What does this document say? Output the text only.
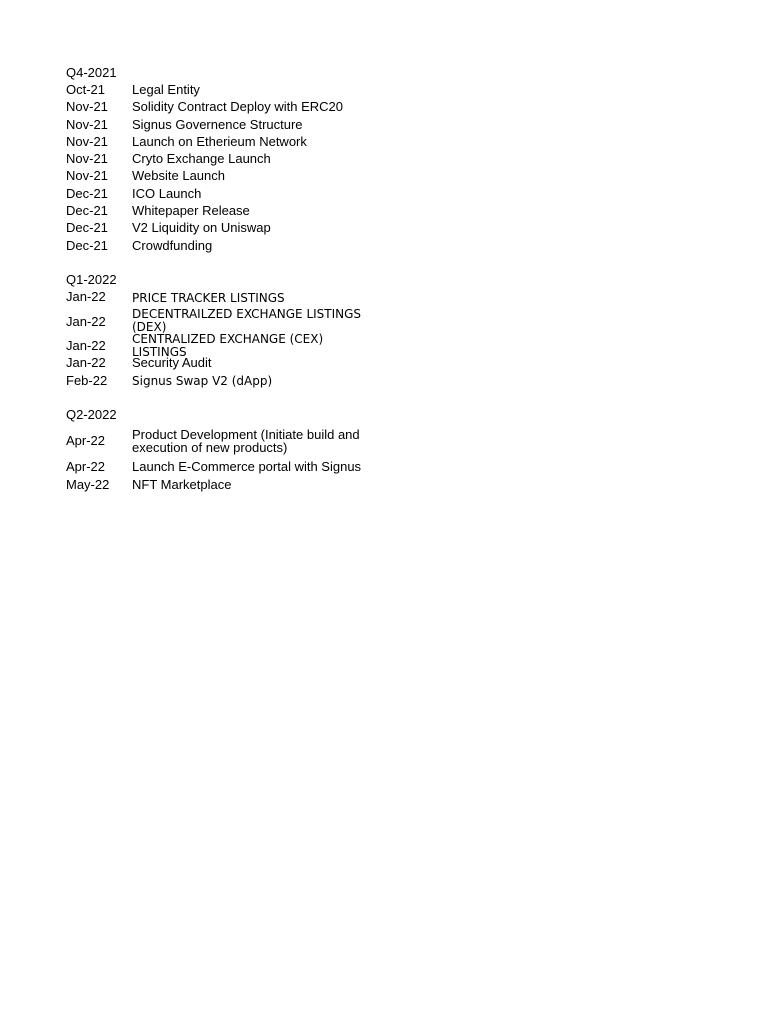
Q4-2021
Oct-21 Legal Entity
Nov-21 Solidity Contract Deploy with ERC20
Nov-21 Signus Governence Structure
Nov-21 Launch on Etherieum Network
Nov-21 Cryto Exchange Launch
Nov-21 Website Launch
Dec-21 ICO Launch
Dec-21 Whitepaper Release
Dec-21 V2 Liquidity on Uniswap
Dec-21 Crowdfunding
Q1-2022
Jan-22 PRICE TRACKER LISTINGS
Jan-22 DECENTRAILZED EXCHANGE LISTINGS (DEX)
Jan-22 CENTRALIZED EXCHANGE (CEX) LISTINGS
Jan-22 Security Audit
Feb-22 Signus Swap V2 (dApp)
Q2-2022
Apr-22 Product Development (Initiate build and execution of new products)
Apr-22 Launch E-Commerce portal with Signus
May-22 NFT Marketplace
